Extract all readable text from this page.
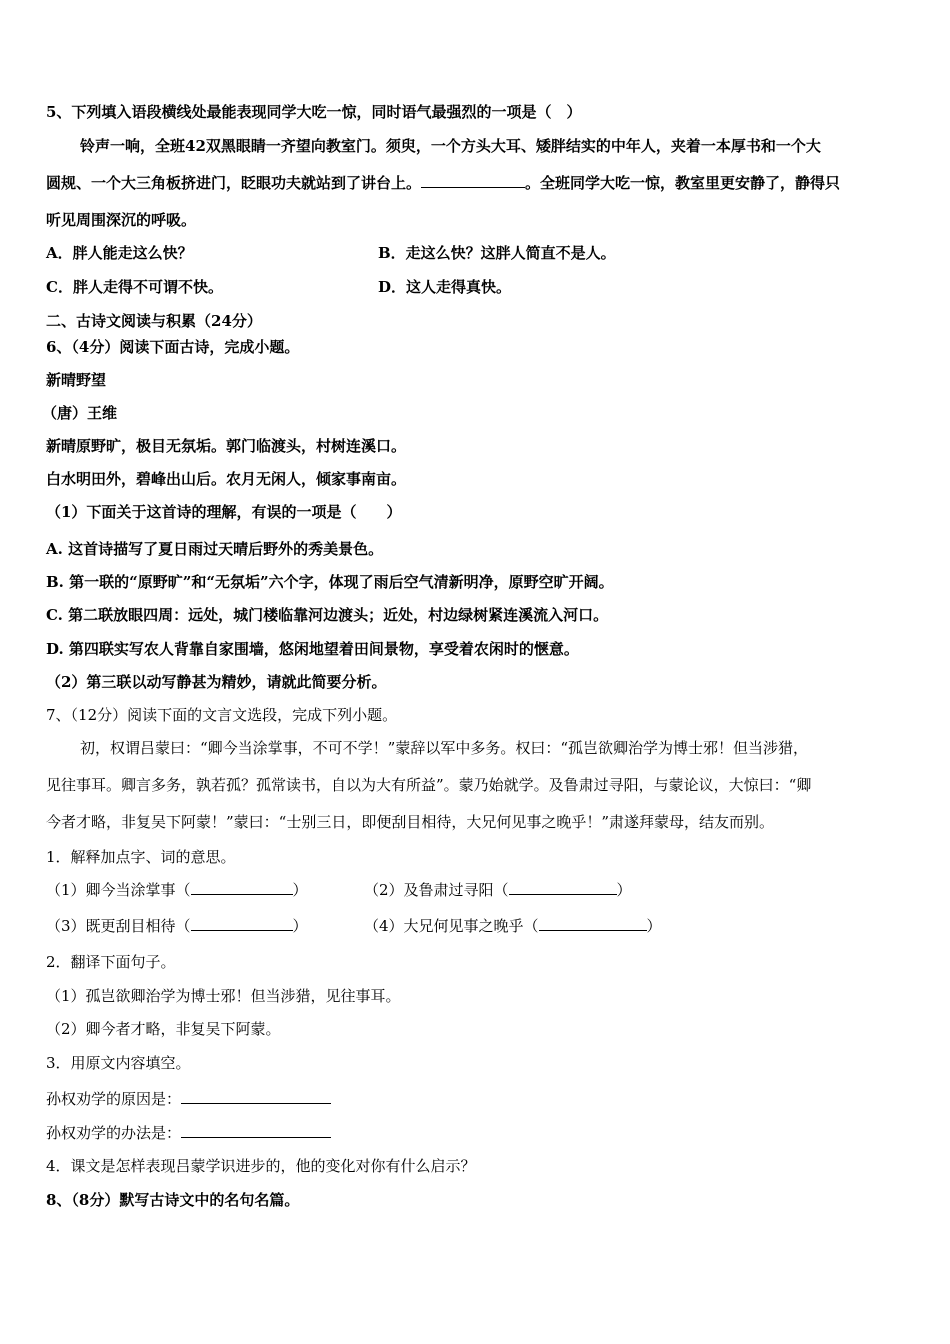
5、下列填入语段横线处最能表现同学大吃一惊，同时语气最强烈的一项是（　）
铃声一响，全班42双黑眼睛一齐望向教室门。须臾，一个方头大耳、矮胖结实的中年人，夹着一本厚书和一个大
圆规、一个大三角板挤进门，眨眼功夫就站到了讲台上。	。全班同学大吃一惊，教室里更安静了，静得只
听见周围深沉的呼吸。
A．胖人能走这么快？	B．走这么快？这胖人简直不是人。
C．胖人走得不可谓不快。	D．这人走得真快。
二、古诗文阅读与积累（24分）
6、（4分）阅读下面古诗，完成小题。
新晴野望
（唐）王维
新晴原野旷，极目无氛垢。郭门临渡头，村树连溪口。
白水明田外，碧峰出山后。农月无闲人，倾家事南亩。
（1）下面关于这首诗的理解，有误的一项是（　　）
A. 这首诗描写了夏日雨过天晴后野外的秀美景色。
B. 第一联的“原野旷”和“无氛垢”六个字，体现了雨后空气清新明净，原野空旷开阔。
C. 第二联放眼四周：远处，城门楼临靠河边渡头；近处，村边绿树紧连溪流入河口。
D. 第四联实写农人背靠自家围墙，悠闲地望着田间景物，享受着农闲时的惬意。
（2）第三联以动写静甚为精妙，请就此简要分析。
7、（12分）阅读下面的文言文选段，完成下列小题。
初，权谓吕蒙曰：“卿今当涂掌事，不可不学！”蒙辞以军中多务。权曰：“孤岂欲卿治学为博士邪！但当涉猎，
见往事耳。卿言多务，孰若孤？孤常读书，自以为大有所益”。蒙乃始就学。及鲁肃过寻阳，与蒙论议，大惊曰：“卿
今者才略，非复吴下阿蒙！”蒙曰：“士别三日，即便刮目相待，大兄何见事之晚乎！”肃遂拜蒙母，结友而别。
1．解释加点字、词的意思。
（1）卿今当涂掌事（	）	（2）及鲁肃过寻阳（	）
（3）既更刮目相待（	）	（4）大兄何见事之晚乎（	）
2．翻译下面句子。
（1）孤岂欲卿治学为博士邪！但当涉猎，见往事耳。
（2）卿今者才略，非复吴下阿蒙。
3．用原文内容填空。
孙权劝学的原因是：
孙权劝学的办法是：
4．课文是怎样表现吕蒙学识进步的，他的变化对你有什么启示？
8、（8分）默写古诗文中的名句名篇。
